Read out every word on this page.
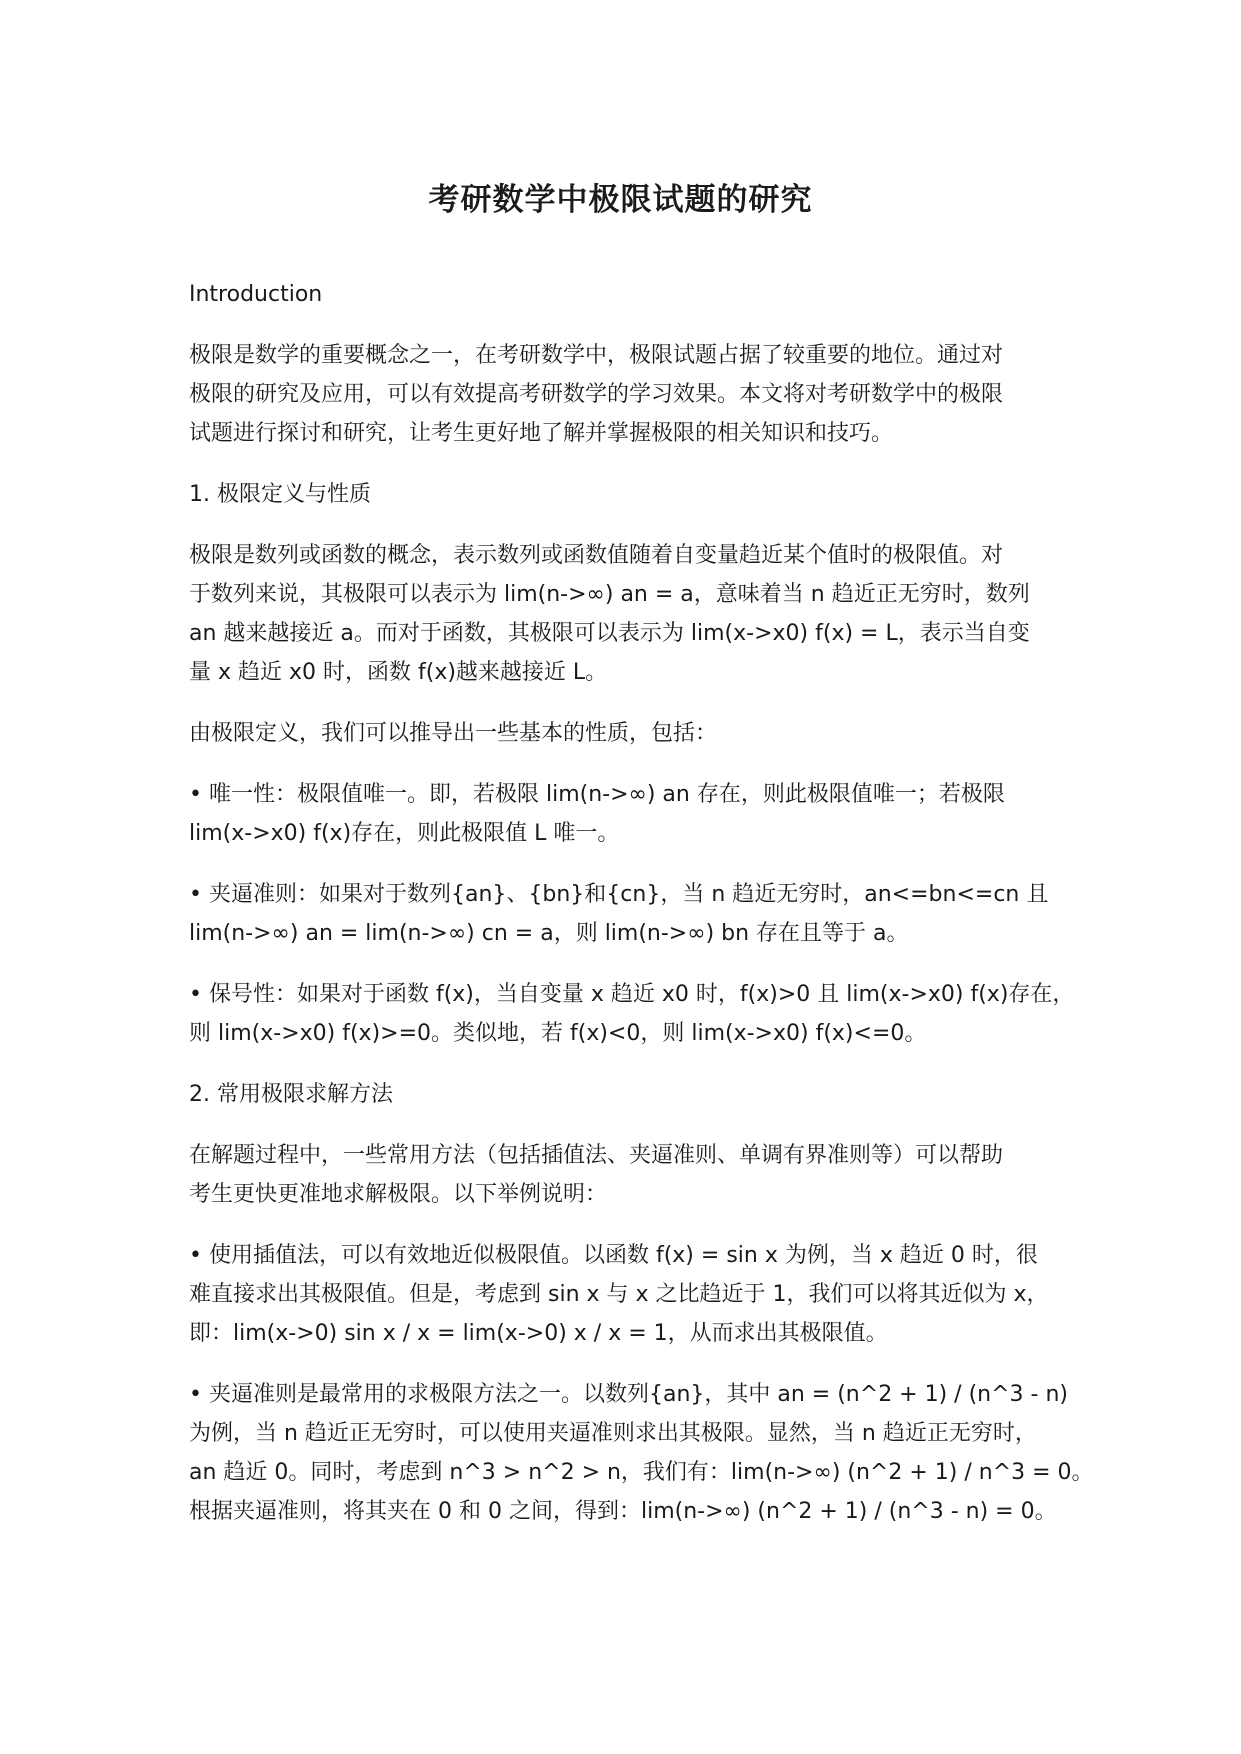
考研数学中极限试题的研究

Introduction

极限是数学的重要概念之一，在考研数学中，极限试题占据了较重要的地位。通过对
极限的研究及应用，可以有效提高考研数学的学习效果。本文将对考研数学中的极限
试题进行探讨和研究，让考生更好地了解并掌握极限的相关知识和技巧。

1. 极限定义与性质

极限是数列或函数的概念，表示数列或函数值随着自变量趋近某个值时的极限值。对
于数列来说，其极限可以表示为 lim(n->∞) an = a，意味着当 n 趋近正无穷时，数列
an 越来越接近 a。而对于函数，其极限可以表示为 lim(x->x0) f(x) = L，表示当自变
量 x 趋近 x0 时，函数 f(x)越来越接近 L。

由极限定义，我们可以推导出一些基本的性质，包括：

• 唯一性：极限值唯一。即，若极限 lim(n->∞) an 存在，则此极限值唯一；若极限
lim(x->x0) f(x)存在，则此极限值 L 唯一。

• 夹逼准则：如果对于数列{an}、{bn}和{cn}，当 n 趋近无穷时，an<=bn<=cn 且
lim(n->∞) an = lim(n->∞) cn = a，则 lim(n->∞) bn 存在且等于 a。

• 保号性：如果对于函数 f(x)，当自变量 x 趋近 x0 时，f(x)>0 且 lim(x->x0) f(x)存在，
则 lim(x->x0) f(x)>=0。类似地，若 f(x)<0，则 lim(x->x0) f(x)<=0。

2. 常用极限求解方法

在解题过程中，一些常用方法（包括插值法、夹逼准则、单调有界准则等）可以帮助
考生更快更准地求解极限。以下举例说明：

• 使用插值法，可以有效地近似极限值。以函数 f(x) = sin x 为例，当 x 趋近 0 时，很
难直接求出其极限值。但是，考虑到 sin x 与 x 之比趋近于 1，我们可以将其近似为 x，
即：lim(x->0) sin x / x = lim(x->0) x / x = 1，从而求出其极限值。

• 夹逼准则是最常用的求极限方法之一。以数列{an}，其中 an = (n^2 + 1) / (n^3 - n)
为例，当 n 趋近正无穷时，可以使用夹逼准则求出其极限。显然，当 n 趋近正无穷时，
an 趋近 0。同时，考虑到 n^3 > n^2 > n，我们有：lim(n->∞) (n^2 + 1) / n^3 = 0。
根据夹逼准则，将其夹在 0 和 0 之间，得到：lim(n->∞) (n^2 + 1) / (n^3 - n) = 0。
